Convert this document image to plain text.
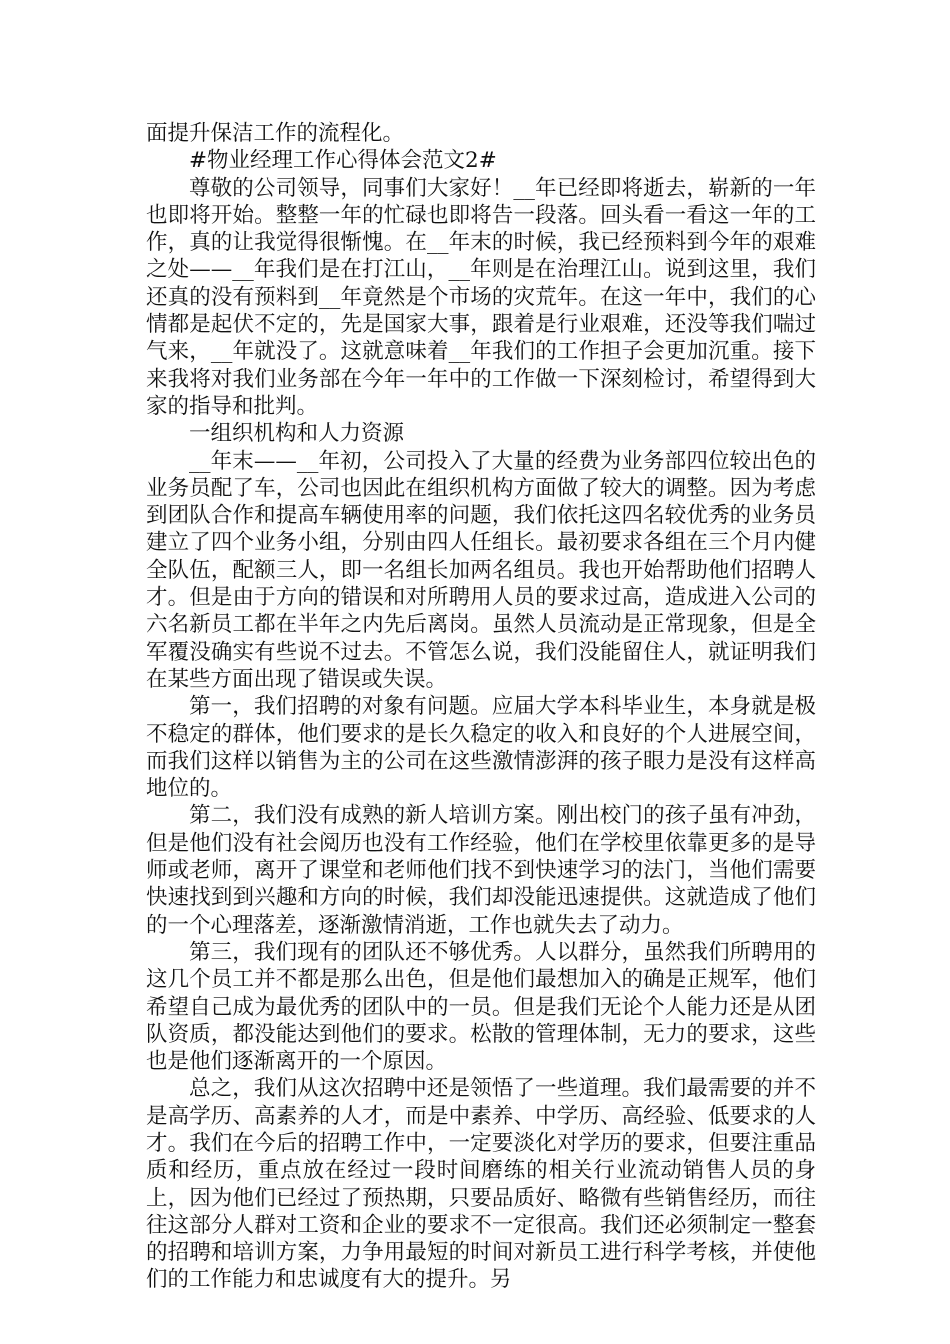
面提升保洁工作的流程化。

#物业经理工作心得体会范文2#

尊敬的公司领导，同事们大家好！__年已经即将逝去，崭新的一年也即将开始。整整一年的忙碌也即将告一段落。回头看一看这一年的工作，真的让我觉得很惭愧。在__年末的时候，我已经预料到今年的艰难之处——__年我们是在打江山，__年则是在治理江山。说到这里，我们还真的没有预料到__年竟然是个市场的灾荒年。在这一年中，我们的心情都是起伏不定的，先是国家大事，跟着是行业艰难，还没等我们喘过气来，__年就没了。这就意味着__年我们的工作担子会更加沉重。接下来我将对我们业务部在今年一年中的工作做一下深刻检讨，希望得到大家的指导和批判。

一组织机构和人力资源

__年末——__年初，公司投入了大量的经费为业务部四位较出色的业务员配了车，公司也因此在组织机构方面做了较大的调整。因为考虑到团队合作和提高车辆使用率的问题，我们依托这四名较优秀的业务员建立了四个业务小组，分别由四人任组长。最初要求各组在三个月内健全队伍，配额三人，即一名组长加两名组员。我也开始帮助他们招聘人才。但是由于方向的错误和对所聘用人员的要求过高，造成进入公司的六名新员工都在半年之内先后离岗。虽然人员流动是正常现象，但是全军覆没确实有些说不过去。不管怎么说，我们没能留住人，就证明我们在某些方面出现了错误或失误。

第一，我们招聘的对象有问题。应届大学本科毕业生，本身就是极不稳定的群体，他们要求的是长久稳定的收入和良好的个人进展空间，而我们这样以销售为主的公司在这些激情澎湃的孩子眼力是没有这样高地位的。

第二，我们没有成熟的新人培训方案。刚出校门的孩子虽有冲劲，但是他们没有社会阅历也没有工作经验，他们在学校里依靠更多的是导师或老师，离开了课堂和老师他们找不到快速学习的法门，当他们需要快速找到到兴趣和方向的时候，我们却没能迅速提供。这就造成了他们的一个心理落差，逐渐激情消逝，工作也就失去了动力。

第三，我们现有的团队还不够优秀。人以群分，虽然我们所聘用的这几个员工并不都是那么出色，但是他们最想加入的确是正规军，他们希望自己成为最优秀的团队中的一员。但是我们无论个人能力还是从团队资质，都没能达到他们的要求。松散的管理体制，无力的要求，这些也是他们逐渐离开的一个原因。

总之，我们从这次招聘中还是领悟了一些道理。我们最需要的并不是高学历、高素养的人才，而是中素养、中学历、高经验、低要求的人才。我们在今后的招聘工作中，一定要淡化对学历的要求，但要注重品质和经历，重点放在经过一段时间磨练的相关行业流动销售人员的身上，因为他们已经过了预热期，只要品质好、略微有些销售经历，而往往这部分人群对工资和企业的要求不一定很高。我们还必须制定一整套的招聘和培训方案，力争用最短的时间对新员工进行科学考核，并使他们的工作能力和忠诚度有大的提升。另
